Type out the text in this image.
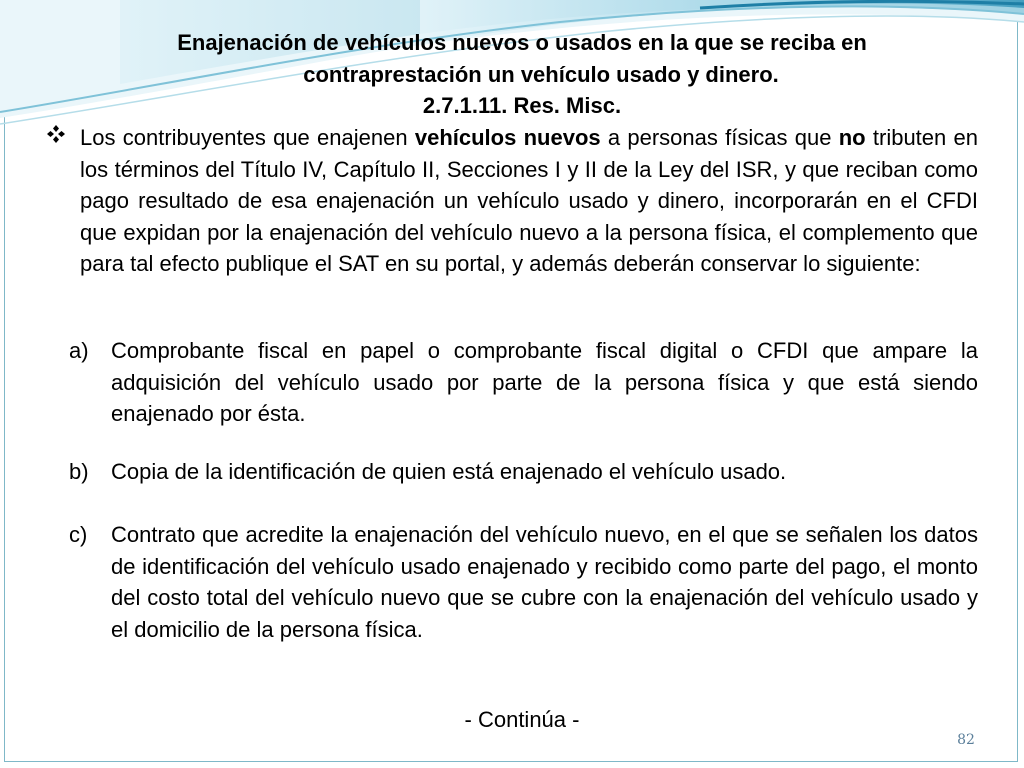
Enajenación de vehículos nuevos o usados en la que se reciba en
contraprestación un vehículo usado y dinero.
2.7.1.11. Res. Misc.

Los contribuyentes que enajenen vehículos nuevos a personas físicas que no tributen en los términos del Título IV, Capítulo II, Secciones I y II de la Ley del ISR, y que reciban como pago resultado de esa enajenación un vehículo usado y dinero, incorporarán en el CFDI que expidan por la enajenación del vehículo nuevo a la persona física, el complemento que para tal efecto publique el SAT en su portal, y además deberán conservar lo siguiente:

a) Comprobante fiscal en papel o comprobante fiscal digital o CFDI que ampare la adquisición del vehículo usado por parte de la persona física y que está siendo enajenado por ésta.

b) Copia de la identificación de quien está enajenado el vehículo usado.

c) Contrato que acredite la enajenación del vehículo nuevo, en el que se señalen los datos de identificación del vehículo usado enajenado y recibido como parte del pago, el monto del costo total del vehículo nuevo que se cubre con la enajenación del vehículo usado y el domicilio de la persona física.

- Continúa -
82
